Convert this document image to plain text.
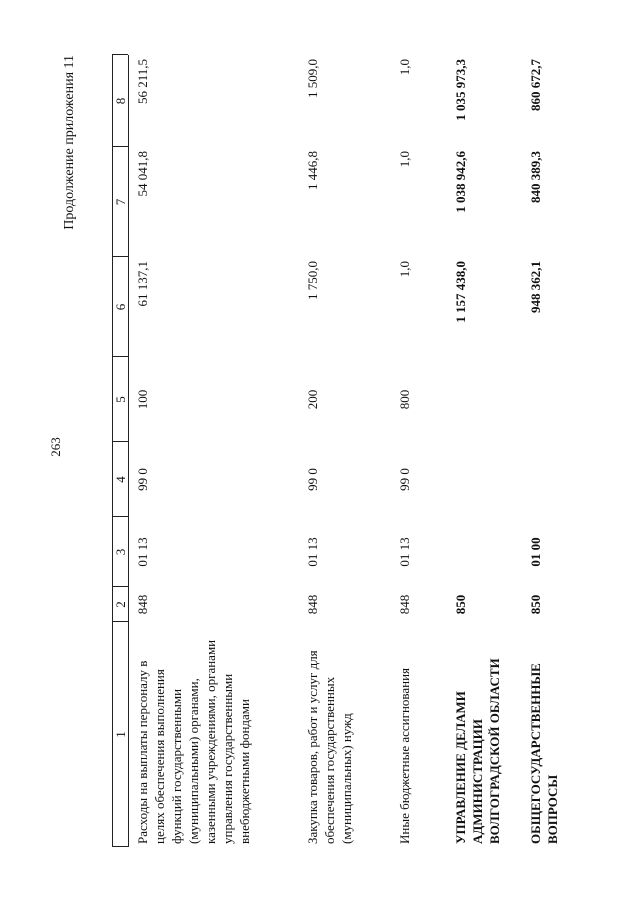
263
Продолжение приложения 11
1
2
3
4
5
6
7
8
Расходы на выплаты персоналу в целях обеспечения выполнения функций государственными (муниципальными) органами, казенными учреждениями, органами управления государственными внебюджетными фондами
848
01 13
99 0
100
61 137,1
54 041,8
56 211,5
Закупка товаров, работ и услуг для обеспечения государственных (муниципальных) нужд
848
01 13
99 0
200
1 750,0
1 446,8
1 509,0
Иные бюджетные ассигнования
848
01 13
99 0
800
1,0
1,0
1,0
УПРАВЛЕНИЕ ДЕЛАМИ АДМИНИСТРАЦИИ ВОЛГОГРАДСКОЙ ОБЛАСТИ
850
1 157 438,0
1 038 942,6
1 035 973,3
ОБЩЕГОСУДАРСТВЕННЫЕ ВОПРОСЫ
850
01 00
948 362,1
840 389,3
860 672,7
